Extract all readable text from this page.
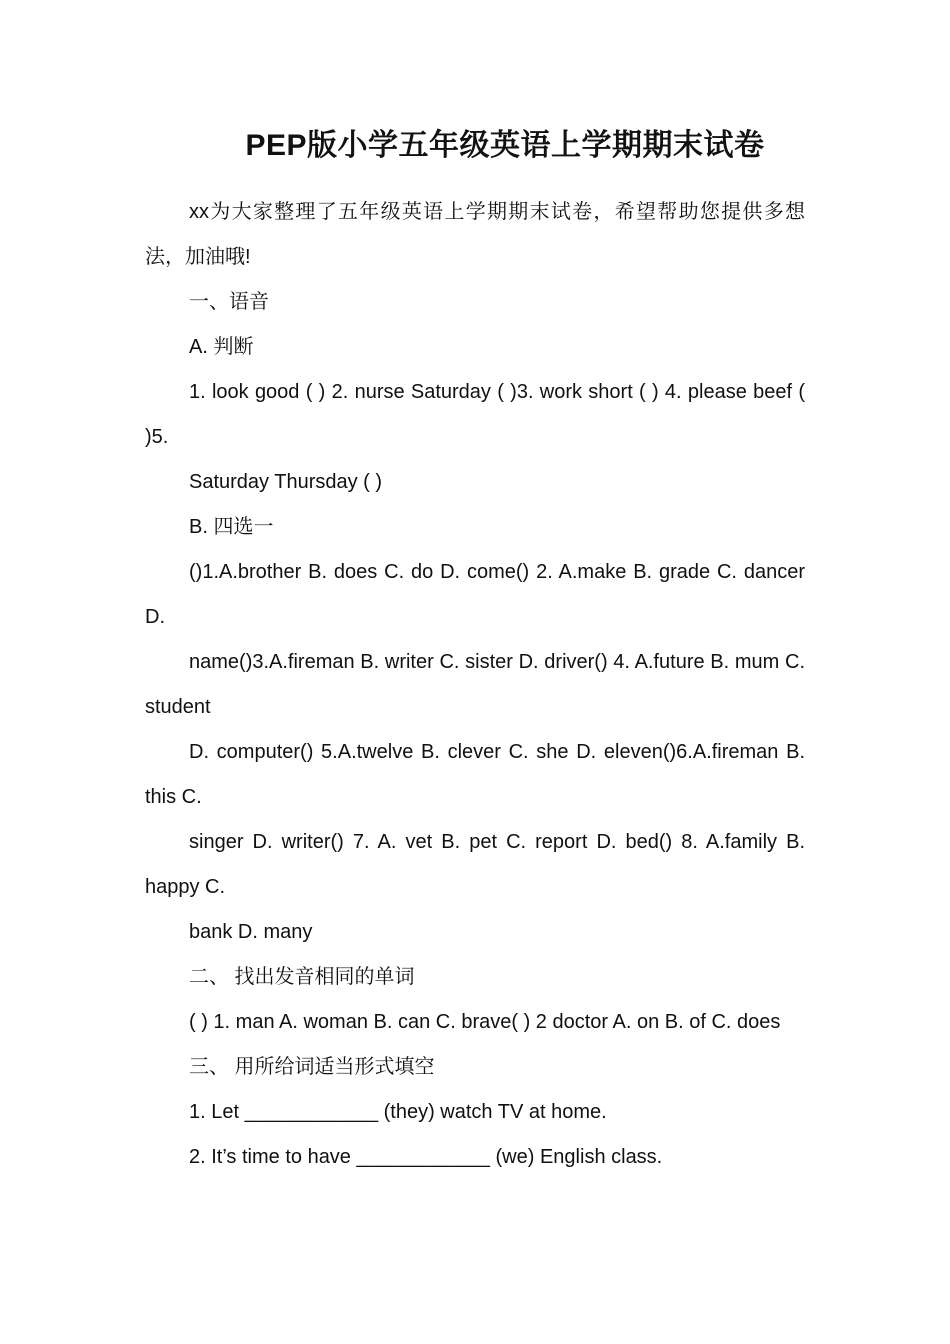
PEP版小学五年级英语上学期期末试卷

xx为大家整理了五年级英语上学期期末试卷，希望帮助您提供多想法，加油哦!

一、语音

A. 判断

1. look good ( ) 2. nurse Saturday ( )3. work short ( ) 4. please beef ( )5.

Saturday Thursday ( )

B. 四选一

()1.A.brother B. does C. do D. come() 2. A.make B. grade C. dancer D.

name()3.A.fireman B. writer C. sister D. driver() 4. A.future B. mum C. student

D. computer() 5.A.twelve B. clever C. she D. eleven()6.A.fireman B. this C.

singer D. writer() 7. A. vet B. pet C. report D. bed() 8. A.family B. happy C.

bank D. many

二、 找出发音相同的单词

( ) 1. man A. woman B. can C. brave( ) 2 doctor A. on B. of C. does

三、 用所给词适当形式填空

1. Let ____________ (they) watch TV at home.

2. It’s time to have ____________ (we) English class.
